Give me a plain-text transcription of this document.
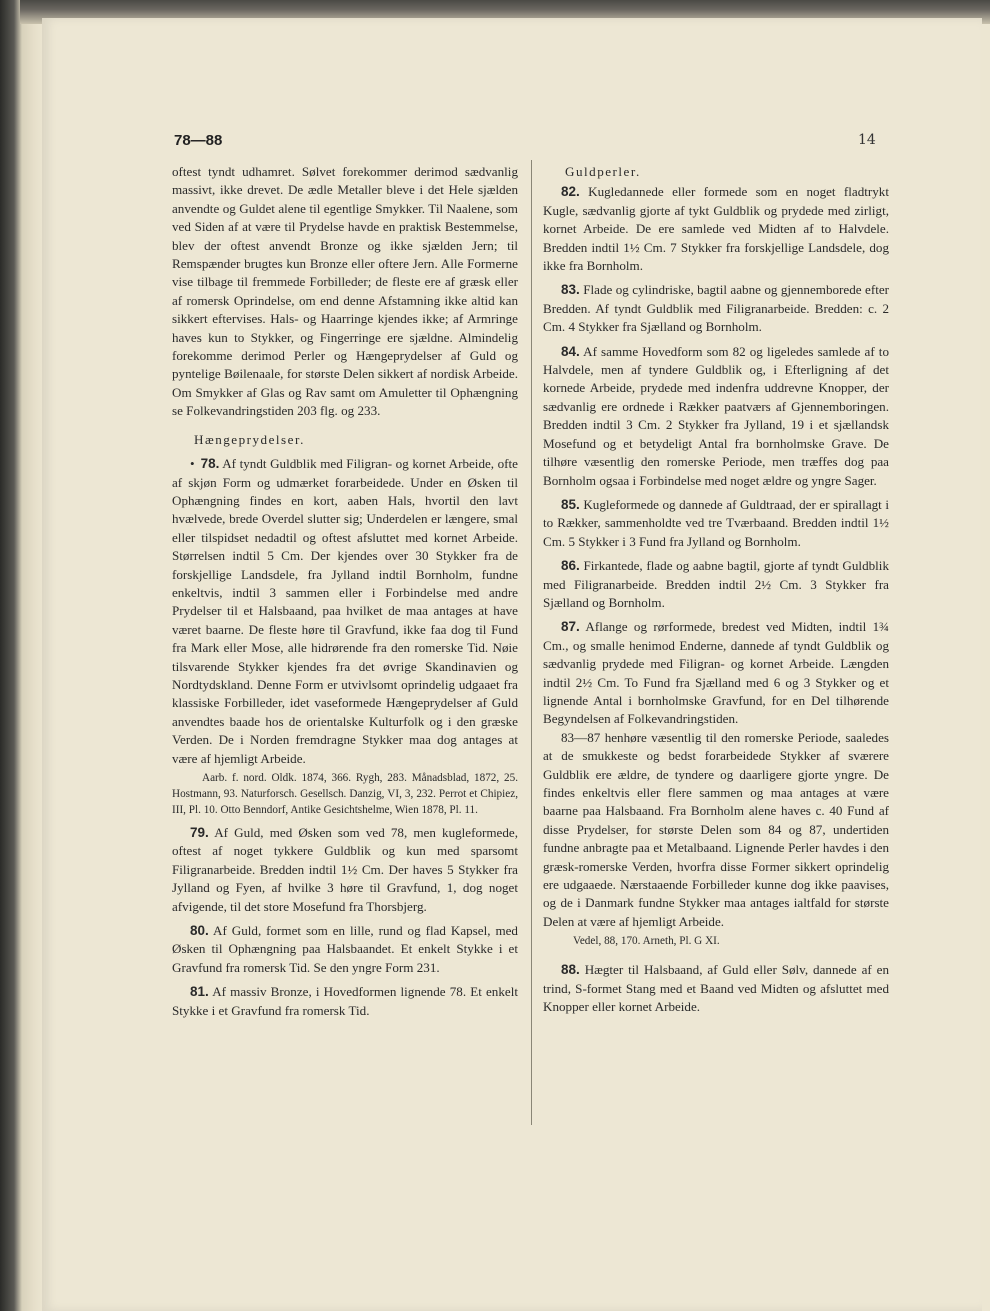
78—88	14

oftest tyndt udhamret. Sølvet forekommer derimod sædvanlig massivt, ikke drevet. De ædle Metaller bleve i det Hele sjælden anvendte og Guldet alene til egentlige Smykker. Til Naalene, som ved Siden af at være til Prydelse havde en praktisk Bestemmelse, blev der oftest anvendt Bronze og ikke sjælden Jern; til Remspænder brugtes kun Bronze eller oftere Jern. Alle Formerne vise tilbage til fremmede Forbilleder; de fleste ere af græsk eller af romersk Oprindelse, om end denne Afstamning ikke altid kan sikkert eftervises. Hals- og Haarringe kjendes ikke; af Armringe haves kun to Stykker, og Fingerringe ere sjældne. Almindelig forekomme derimod Perler og Hængeprydelser af Guld og pyntelige Bøilenaale, for største Delen sikkert af nordisk Arbeide. Om Smykker af Glas og Rav samt om Amuletter til Ophængning se Folkevandringstiden 203 flg. og 233.

Hængeprydelser.

• 78. Af tyndt Guldblik med Filigran- og kornet Arbeide, ofte af skjøn Form og udmærket forarbeidede. Under en Øsken til Ophængning findes en kort, aaben Hals, hvortil den lavt hvælvede, brede Overdel slutter sig; Underdelen er længere, smal eller tilspidset nedadtil og oftest afsluttet med kornet Arbeide. Størrelsen indtil 5 Cm. Der kjendes over 30 Stykker fra de forskjellige Landsdele, fra Jylland indtil Bornholm, fundne enkeltvis, indtil 3 sammen eller i Forbindelse med andre Prydelser til et Halsbaand, paa hvilket de maa antages at have været baarne. De fleste høre til Gravfund, ikke faa dog til Fund fra Mark eller Mose, alle hidrørende fra den romerske Tid. Nøie tilsvarende Stykker kjendes fra det øvrige Skandinavien og Nordtydskland. Denne Form er utvivlsomt oprindelig udgaaet fra klassiske Forbilleder, idet vaseformede Hængeprydelser af Guld anvendtes baade hos de orientalske Kulturfolk og i den græske Verden. De i Norden fremdragne Stykker maa dog antages at være af hjemligt Arbeide.

Aarb. f. nord. Oldk. 1874, 366. Rygh, 283. Månadsblad, 1872, 25. Hostmann, 93. Naturforsch. Gesellsch. Danzig, VI, 3, 232. Perrot et Chipiez, III, Pl. 10. Otto Benndorf, Antike Gesichtshelme, Wien 1878, Pl. 11.

79. Af Guld, med Øsken som ved 78, men kugleformede, oftest af noget tykkere Guldblik og kun med sparsomt Filigranarbeide. Bredden indtil 1½ Cm. Der haves 5 Stykker fra Jylland og Fyen, af hvilke 3 høre til Gravfund, 1, dog noget afvigende, til det store Mosefund fra Thorsbjerg.

80. Af Guld, formet som en lille, rund og flad Kapsel, med Øsken til Ophængning paa Halsbaandet. Et enkelt Stykke i et Gravfund fra romersk Tid. Se den yngre Form 231.

81. Af massiv Bronze, i Hovedformen lignende 78. Et enkelt Stykke i et Gravfund fra romersk Tid.

Guldperler.

82. Kugledannede eller formede som en noget fladtrykt Kugle, sædvanlig gjorte af tykt Guldblik og prydede med zirligt, kornet Arbeide. De ere samlede ved Midten af to Halvdele. Bredden indtil 1½ Cm. 7 Stykker fra forskjellige Landsdele, dog ikke fra Bornholm.

83. Flade og cylindriske, bagtil aabne og gjennemborede efter Bredden. Af tyndt Guldblik med Filigranarbeide. Bredden: c. 2 Cm. 4 Stykker fra Sjælland og Bornholm.

84. Af samme Hovedform som 82 og ligeledes samlede af to Halvdele, men af tyndere Guldblik og, i Efterligning af det kornede Arbeide, prydede med indenfra uddrevne Knopper, der sædvanlig ere ordnede i Rækker paatværs af Gjennemboringen. Bredden indtil 3 Cm. 2 Stykker fra Jylland, 19 i et sjællandsk Mosefund og et betydeligt Antal fra bornholmske Grave. De tilhøre væsentlig den romerske Periode, men træffes dog paa Bornholm ogsaa i Forbindelse med noget ældre og yngre Sager.

85. Kugleformede og dannede af Guldtraad, der er spirallagt i to Rækker, sammenholdte ved tre Tværbaand. Bredden indtil 1½ Cm. 5 Stykker i 3 Fund fra Jylland og Bornholm.

86. Firkantede, flade og aabne bagtil, gjorte af tyndt Guldblik med Filigranarbeide. Bredden indtil 2½ Cm. 3 Stykker fra Sjælland og Bornholm.

87. Aflange og rørformede, bredest ved Midten, indtil 1¾ Cm., og smalle henimod Enderne, dannede af tyndt Guldblik og sædvanlig prydede med Filigran- og kornet Arbeide. Længden indtil 2½ Cm. To Fund fra Sjælland med 6 og 3 Stykker og et lignende Antal i bornholmske Gravfund, for en Del tilhørende Begyndelsen af Folkevandringstiden.

83—87 henhøre væsentlig til den romerske Periode, saaledes at de smukkeste og bedst forarbeidede Stykker af sværere Guldblik ere ældre, de tyndere og daarligere gjorte yngre. De findes enkeltvis eller flere sammen og maa antages at være baarne paa Halsbaand. Fra Bornholm alene haves c. 40 Fund af disse Prydelser, for største Delen som 84 og 87, undertiden fundne anbragte paa et Metalbaand. Lignende Perler havdes i den græsk-romerske Verden, hvorfra disse Former sikkert oprindelig ere udgaaede. Nærstaaende Forbilleder kunne dog ikke paavises, og de i Danmark fundne Stykker maa antages ialtfald for største Delen at være af hjemligt Arbeide.

Vedel, 88, 170. Arneth, Pl. G XI.

88. Hægter til Halsbaand, af Guld eller Sølv, dannede af en trind, S-formet Stang med et Baand ved Midten og afsluttet med Knopper eller kornet Arbeide.
